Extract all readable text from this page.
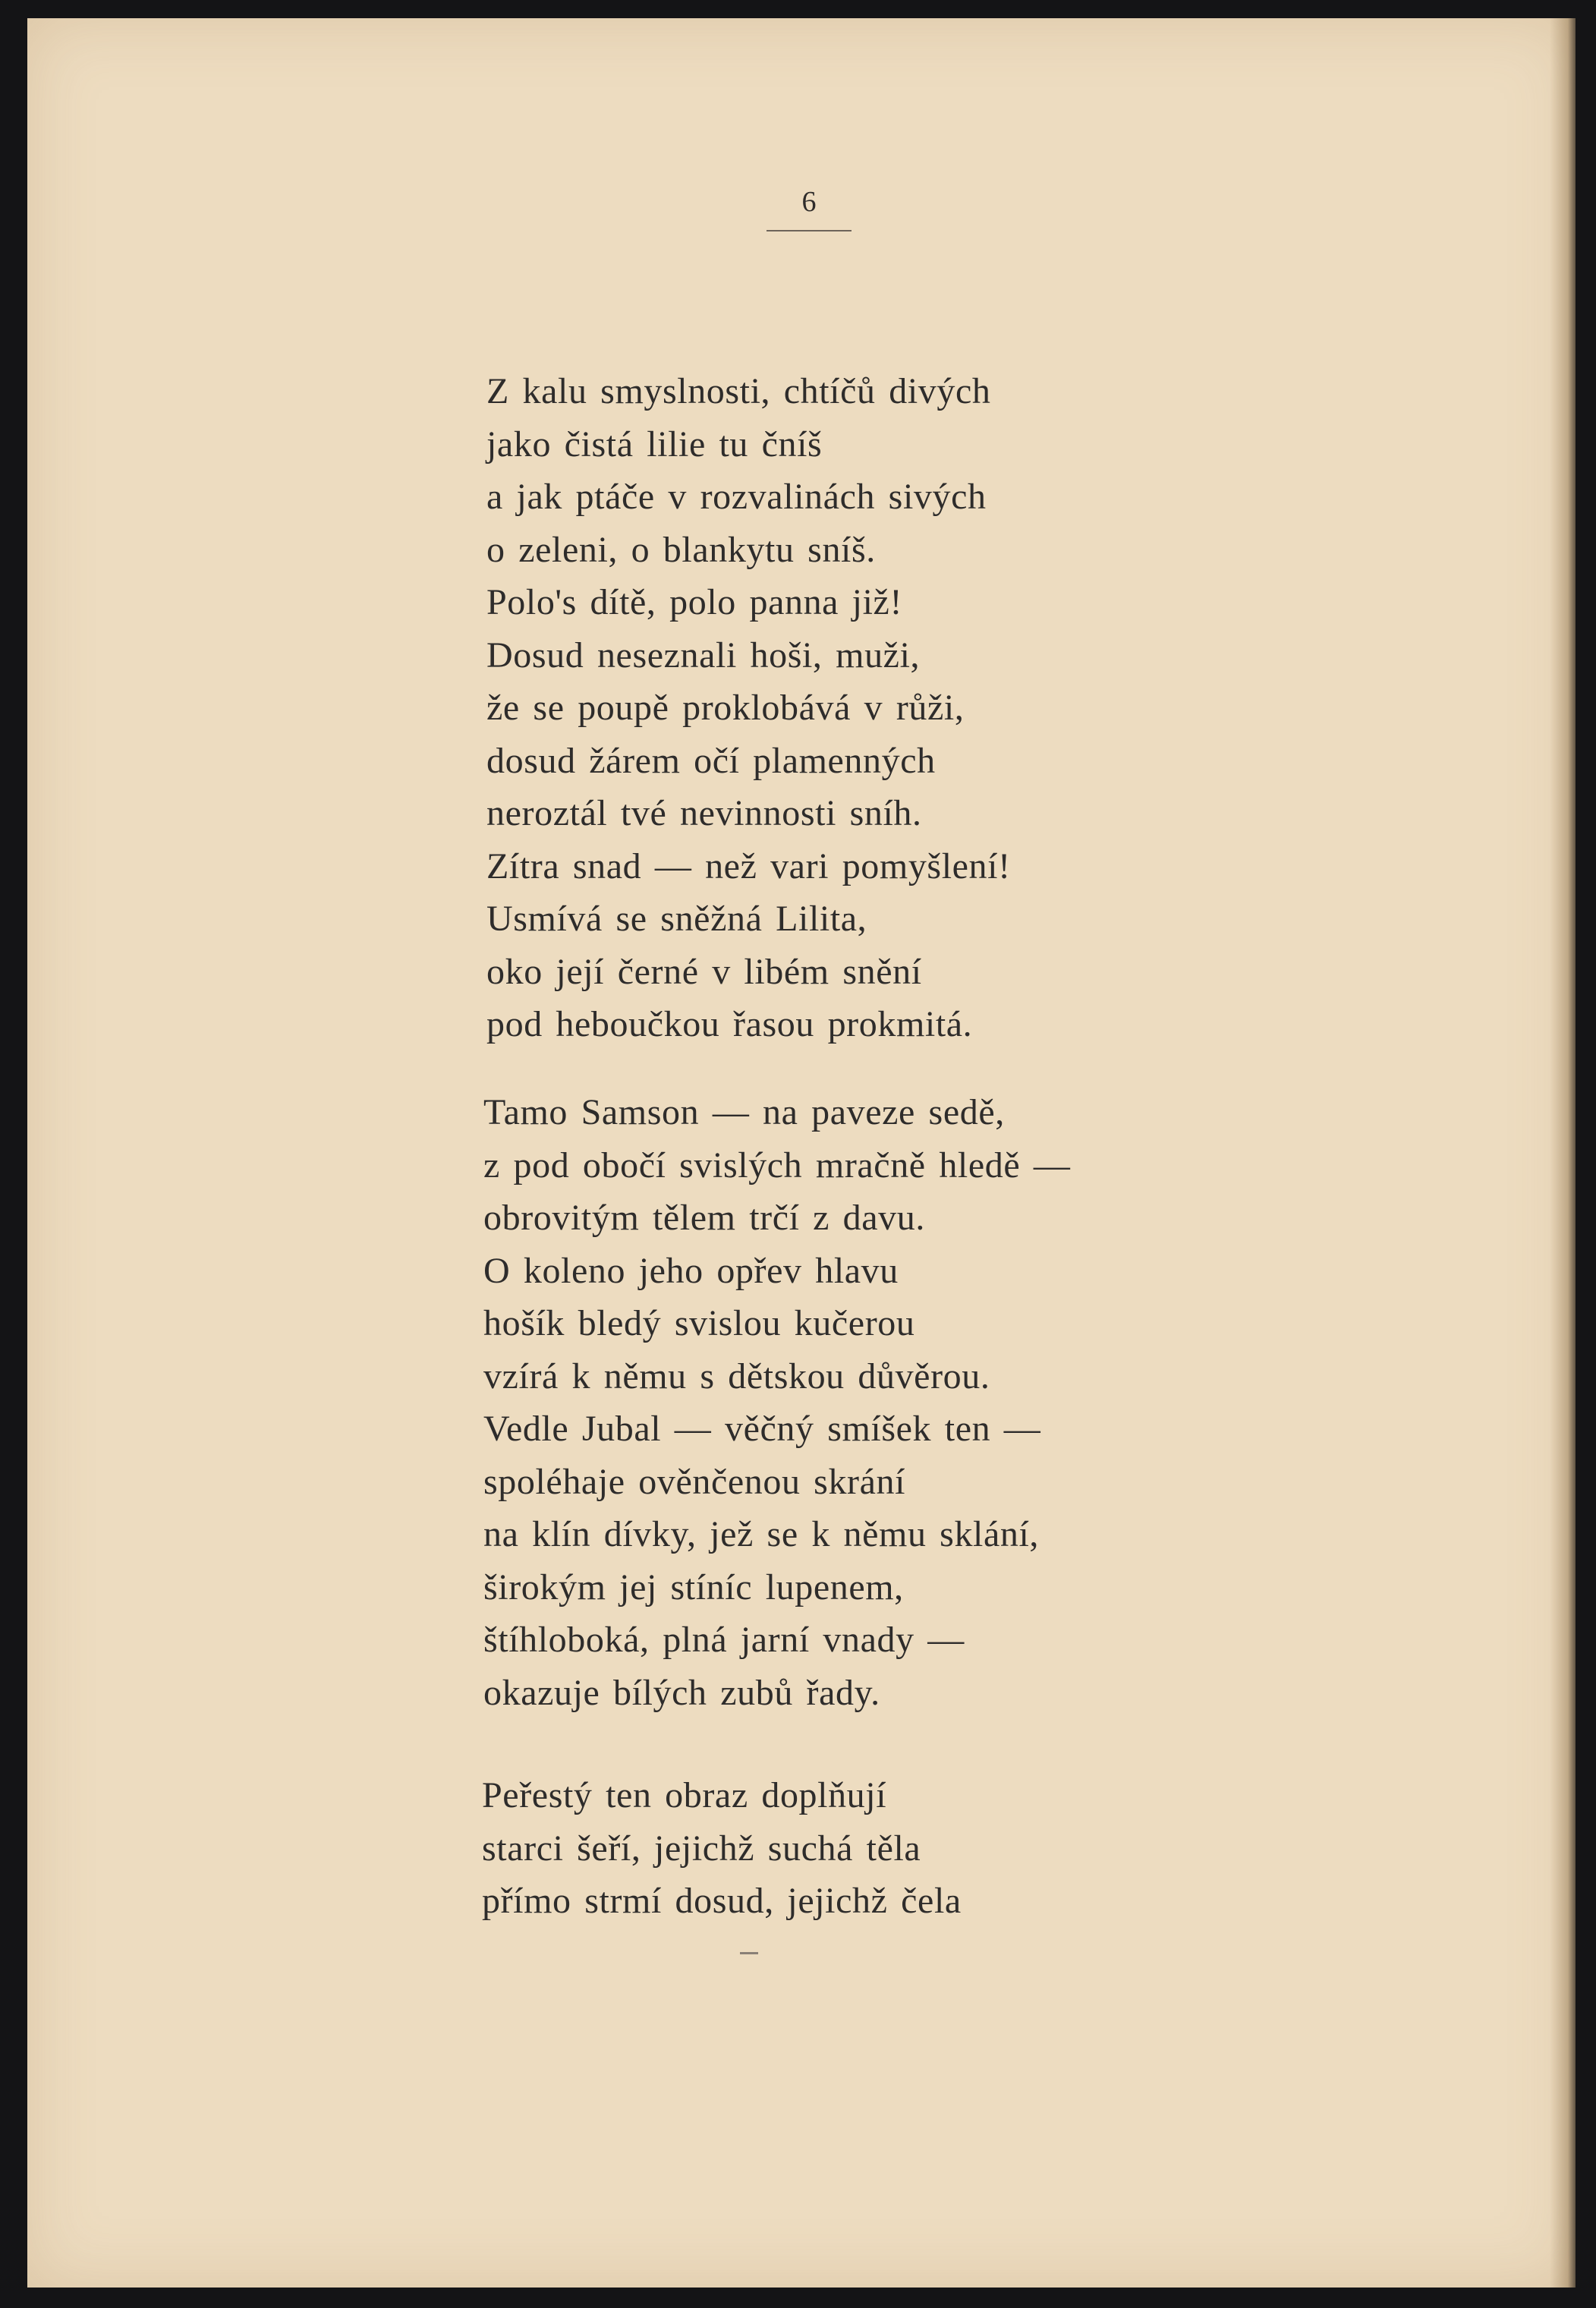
6
Z kalu smyslnosti, chtíčů divých
jako čistá lilie tu čníš
a jak ptáče v rozvalinách sivých
o zeleni, o blankytu sníš.
Polo's dítě, polo panna již!
Dosud neseznali hoši, muži,
že se poupě proklobává v růži,
dosud žárem očí plamenných
neroztál tvé nevinnosti sníh.
Zítra snad — než vari pomyšlení!
Usmívá se sněžná Lilita,
oko její černé v libém snění
pod heboučkou řasou prokmitá.
Tamo Samson — na paveze sedě,
z pod obočí svislých mračně hledě —
obrovitým tělem trčí z davu.
O koleno jeho opřev hlavu
hošík bledý svislou kučerou
vzírá k němu s dětskou důvěrou.
Vedle Jubal — věčný smíšek ten —
spoléhaje ověnčenou skrání
na klín dívky, jež se k němu sklání,
širokým jej stíníc lupenem,
štíhloboká, plná jarní vnady —
okazuje bílých zubů řady.
Peřestý ten obraz doplňují
starci šeří, jejichž suchá těla
přímo strmí dosud, jejichž čela
